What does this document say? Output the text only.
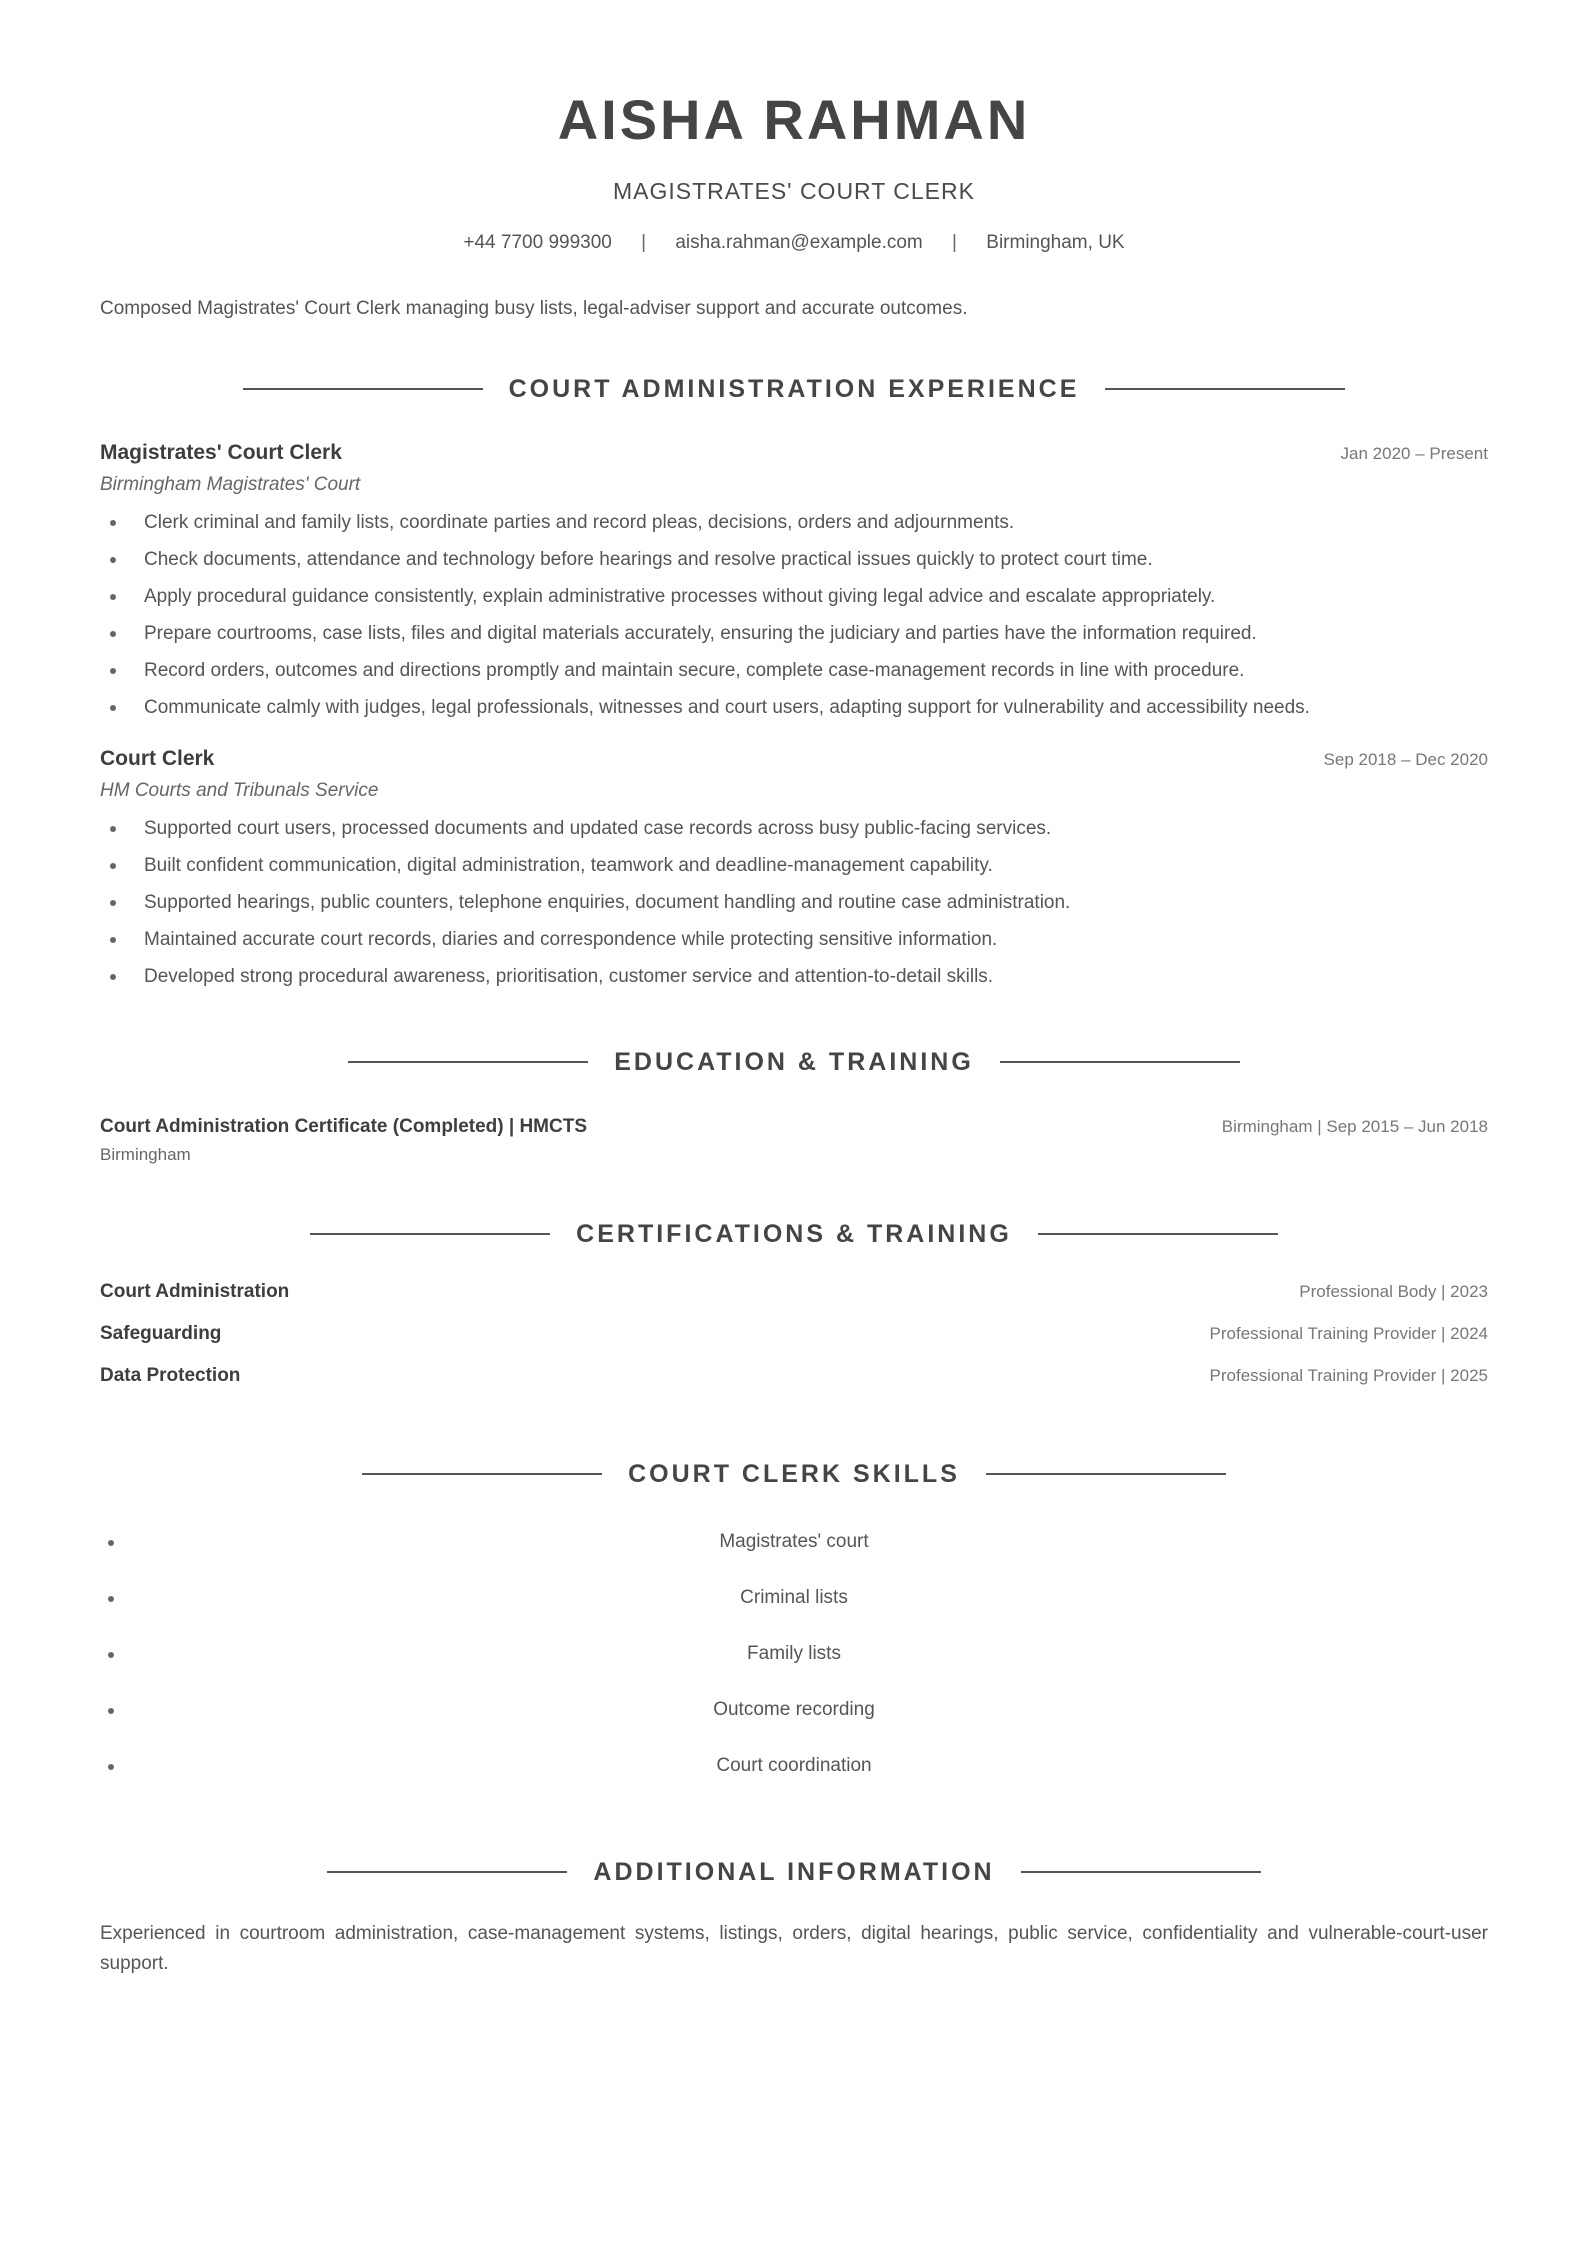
AISHA RAHMAN
MAGISTRATES' COURT CLERK
+44 7700 999300 | aisha.rahman@example.com | Birmingham, UK
Composed Magistrates' Court Clerk managing busy lists, legal-adviser support and accurate outcomes.
COURT ADMINISTRATION EXPERIENCE
Magistrates' Court Clerk	Jan 2020 – Present
Birmingham Magistrates' Court
Clerk criminal and family lists, coordinate parties and record pleas, decisions, orders and adjournments.
Check documents, attendance and technology before hearings and resolve practical issues quickly to protect court time.
Apply procedural guidance consistently, explain administrative processes without giving legal advice and escalate appropriately.
Prepare courtrooms, case lists, files and digital materials accurately, ensuring the judiciary and parties have the information required.
Record orders, outcomes and directions promptly and maintain secure, complete case-management records in line with procedure.
Communicate calmly with judges, legal professionals, witnesses and court users, adapting support for vulnerability and accessibility needs.
Court Clerk	Sep 2018 – Dec 2020
HM Courts and Tribunals Service
Supported court users, processed documents and updated case records across busy public-facing services.
Built confident communication, digital administration, teamwork and deadline-management capability.
Supported hearings, public counters, telephone enquiries, document handling and routine case administration.
Maintained accurate court records, diaries and correspondence while protecting sensitive information.
Developed strong procedural awareness, prioritisation, customer service and attention-to-detail skills.
EDUCATION & TRAINING
Court Administration Certificate (Completed) | HMCTS	Birmingham | Sep 2015 – Jun 2018
Birmingham
CERTIFICATIONS & TRAINING
Court Administration	Professional Body | 2023
Safeguarding	Professional Training Provider | 2024
Data Protection	Professional Training Provider | 2025
COURT CLERK SKILLS
Magistrates' court
Criminal lists
Family lists
Outcome recording
Court coordination
ADDITIONAL INFORMATION
Experienced in courtroom administration, case-management systems, listings, orders, digital hearings, public service, confidentiality and vulnerable-court-user support.
